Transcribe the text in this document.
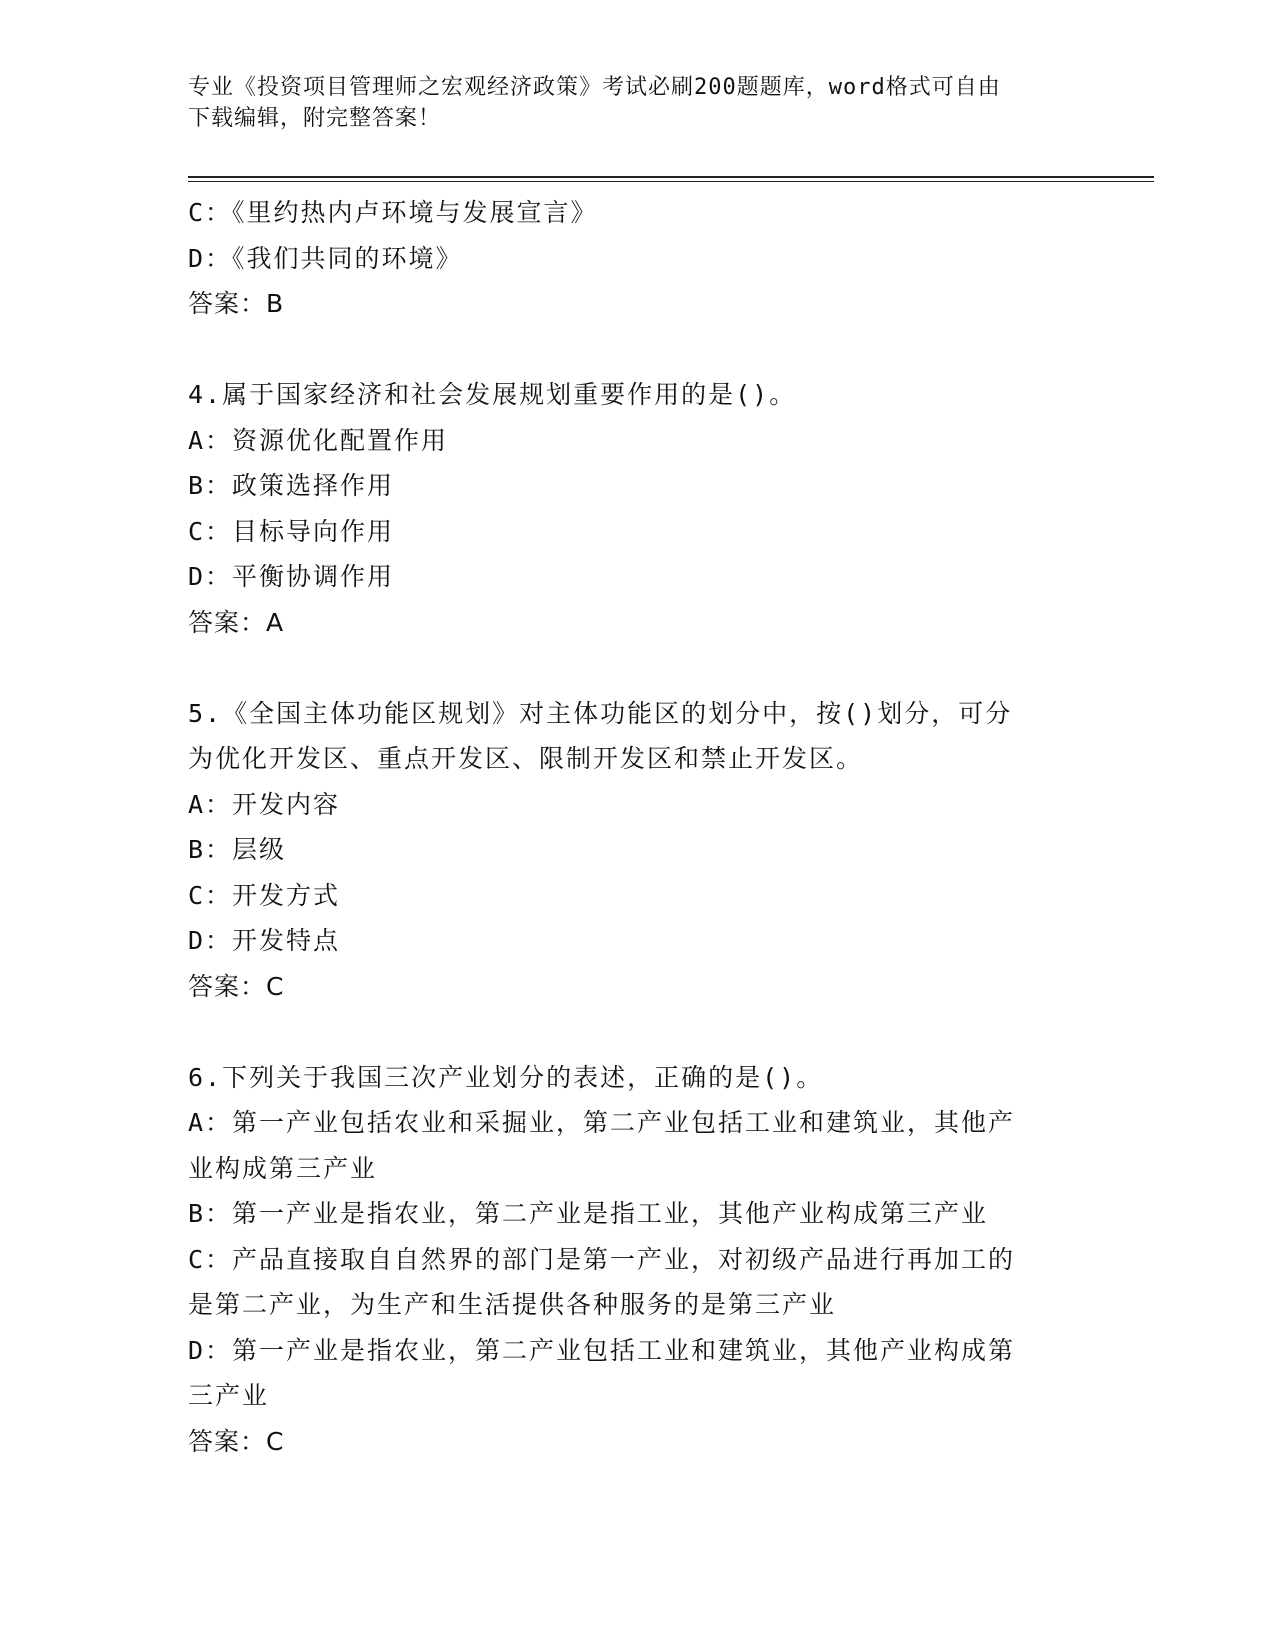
专业《投资项目管理师之宏观经济政策》考试必刷200题题库，word格式可自由
下载编辑，附完整答案！
C：《里约热内卢环境与发展宣言》
D：《我们共同的环境》
答案：B
4.属于国家经济和社会发展规划重要作用的是()。
A：资源优化配置作用
B：政策选择作用
C：目标导向作用
D：平衡协调作用
答案：A
5.《全国主体功能区规划》对主体功能区的划分中，按()划分，可分
为优化开发区、重点开发区、限制开发区和禁止开发区。
A：开发内容
B：层级
C：开发方式
D：开发特点
答案：C
6.下列关于我国三次产业划分的表述，正确的是()。
A：第一产业包括农业和采掘业，第二产业包括工业和建筑业，其他产
业构成第三产业
B：第一产业是指农业，第二产业是指工业，其他产业构成第三产业
C：产品直接取自自然界的部门是第一产业，对初级产品进行再加工的
是第二产业，为生产和生活提供各种服务的是第三产业
D：第一产业是指农业，第二产业包括工业和建筑业，其他产业构成第
三产业
答案：C
